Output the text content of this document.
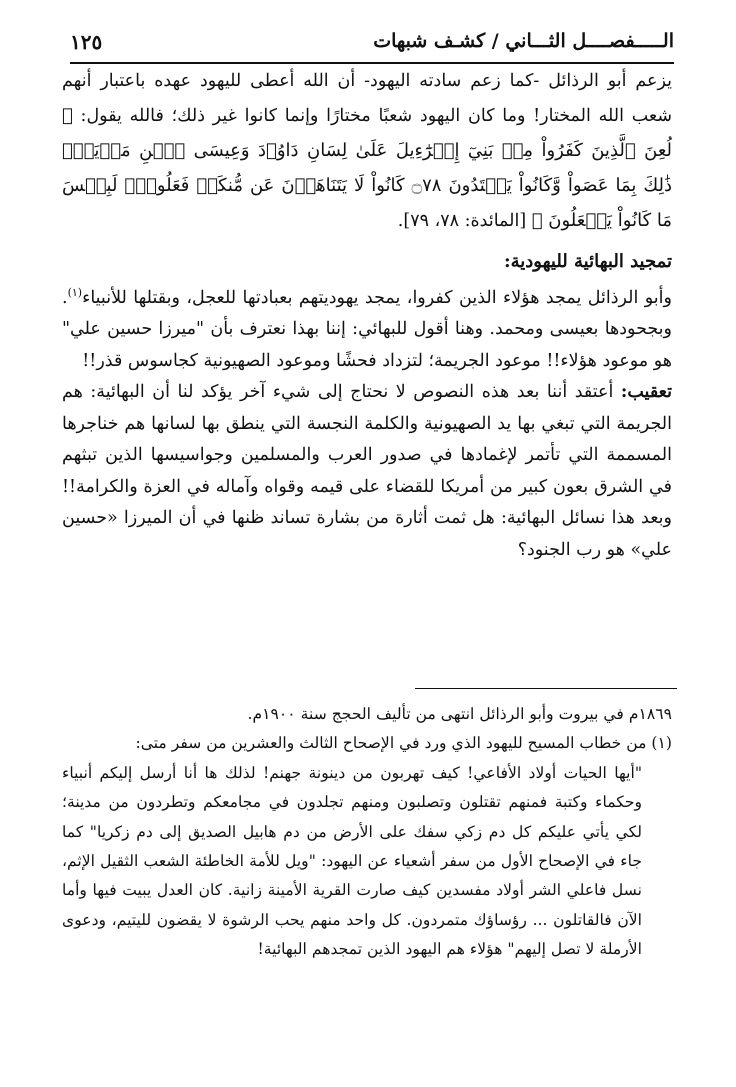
الـــــفصــــل الثـــاني / كشـف شبهات
١٢٥

يزعم أبو الرذائل -كما زعم سادته اليهود- أن الله أعطى لليهود عهده باعتبار أنهم شعب الله المختار! وما كان اليهود شعبًا مختارًا وإنما كانوا غير ذلك؛ فالله يقول: ﴿ لُعِنَ ٱلَّذِينَ كَفَرُواْ مِنۢ بَنِيٓ إِسۡرَٰٓءِيلَ عَلَىٰ لِسَانِ دَاوُۥدَ وَعِيسَى ٱبۡنِ مَرۡيَمَۚ ذَٰلِكَ بِمَا عَصَواْ وَّكَانُواْ يَعۡتَدُونَ ۝٧٨ كَانُواْ لَا يَتَنَاهَوۡنَ عَن مُّنكَرٖ فَعَلُوهُۚ لَبِئۡسَ مَا كَانُواْ يَفۡعَلُونَ ﴾ [المائدة: ٧٨، ٧٩].

تمجيد البهائية لليهودية:

وأبو الرذائل يمجد هؤلاء الذين كفروا، يمجد يهوديتهم بعبادتها للعجل، وبقتلها للأنبياء$^{(١)}$. وبجحودها بعيسى ومحمد. وهنا أقول للبهائي: إننا بهذا نعترف بأن "ميرزا حسين علي" هو موعود هؤلاء!! موعود الجريمة؛ لتزداد فحشًا وموعود الصهيونية كجاسوس قذر!!

تعقيب: أعتقد أننا بعد هذه النصوص لا نحتاج إلى شيء آخر يؤكد لنا أن البهائية: هم الجريمة التي تبغي بها يد الصهيونية والكلمة النجسة التي ينطق بها لسانها هم خناجرها المسممة التي تأتمر لإغمادها في صدور العرب والمسلمين وجواسيسها الذين تبثهم في الشرق بعون كبير من أمريكا للقضاء على قيمه وقواه وآماله في العزة والكرامة!! وبعد هذا نسائل البهائية: هل ثمت أثارة من بشارة تساند ظنها في أن الميرزا «حسين علي» هو رب الجنود؟

١٨٦٩م في بيروت وأبو الرذائل انتهى من تأليف الحجج سنة ١٩٠٠م.

(١) من خطاب المسيح لليهود الذي ورد في الإصحاح الثالث والعشرين من سفر متى:

"أيها الحيات أولاد الأفاعي! كيف تهربون من دينونة جهنم! لذلك ها أنا أرسل إليكم أنبياء وحكماء وكتبة فمنهم تقتلون وتصلبون ومنهم تجلدون في مجامعكم وتطردون من مدينة؛ لكي يأتي عليكم كل دم زكي سفك على الأرض من دم هابيل الصديق إلى دم زكريا" كما جاء في الإصحاح الأول من سفر أشعياء عن اليهود: "ويل للأمة الخاطئة الشعب الثقيل الإثم، نسل فاعلي الشر أولاد مفسدين كيف صارت القرية الأمينة زانية. كان العدل يبيت فيها وأما الآن فالقاتلون ... رؤساؤك متمردون. كل واحد منهم يحب الرشوة لا يقضون لليتيم، ودعوى الأرملة لا تصل إليهم" هؤلاء هم اليهود الذين تمجدهم البهائية!
